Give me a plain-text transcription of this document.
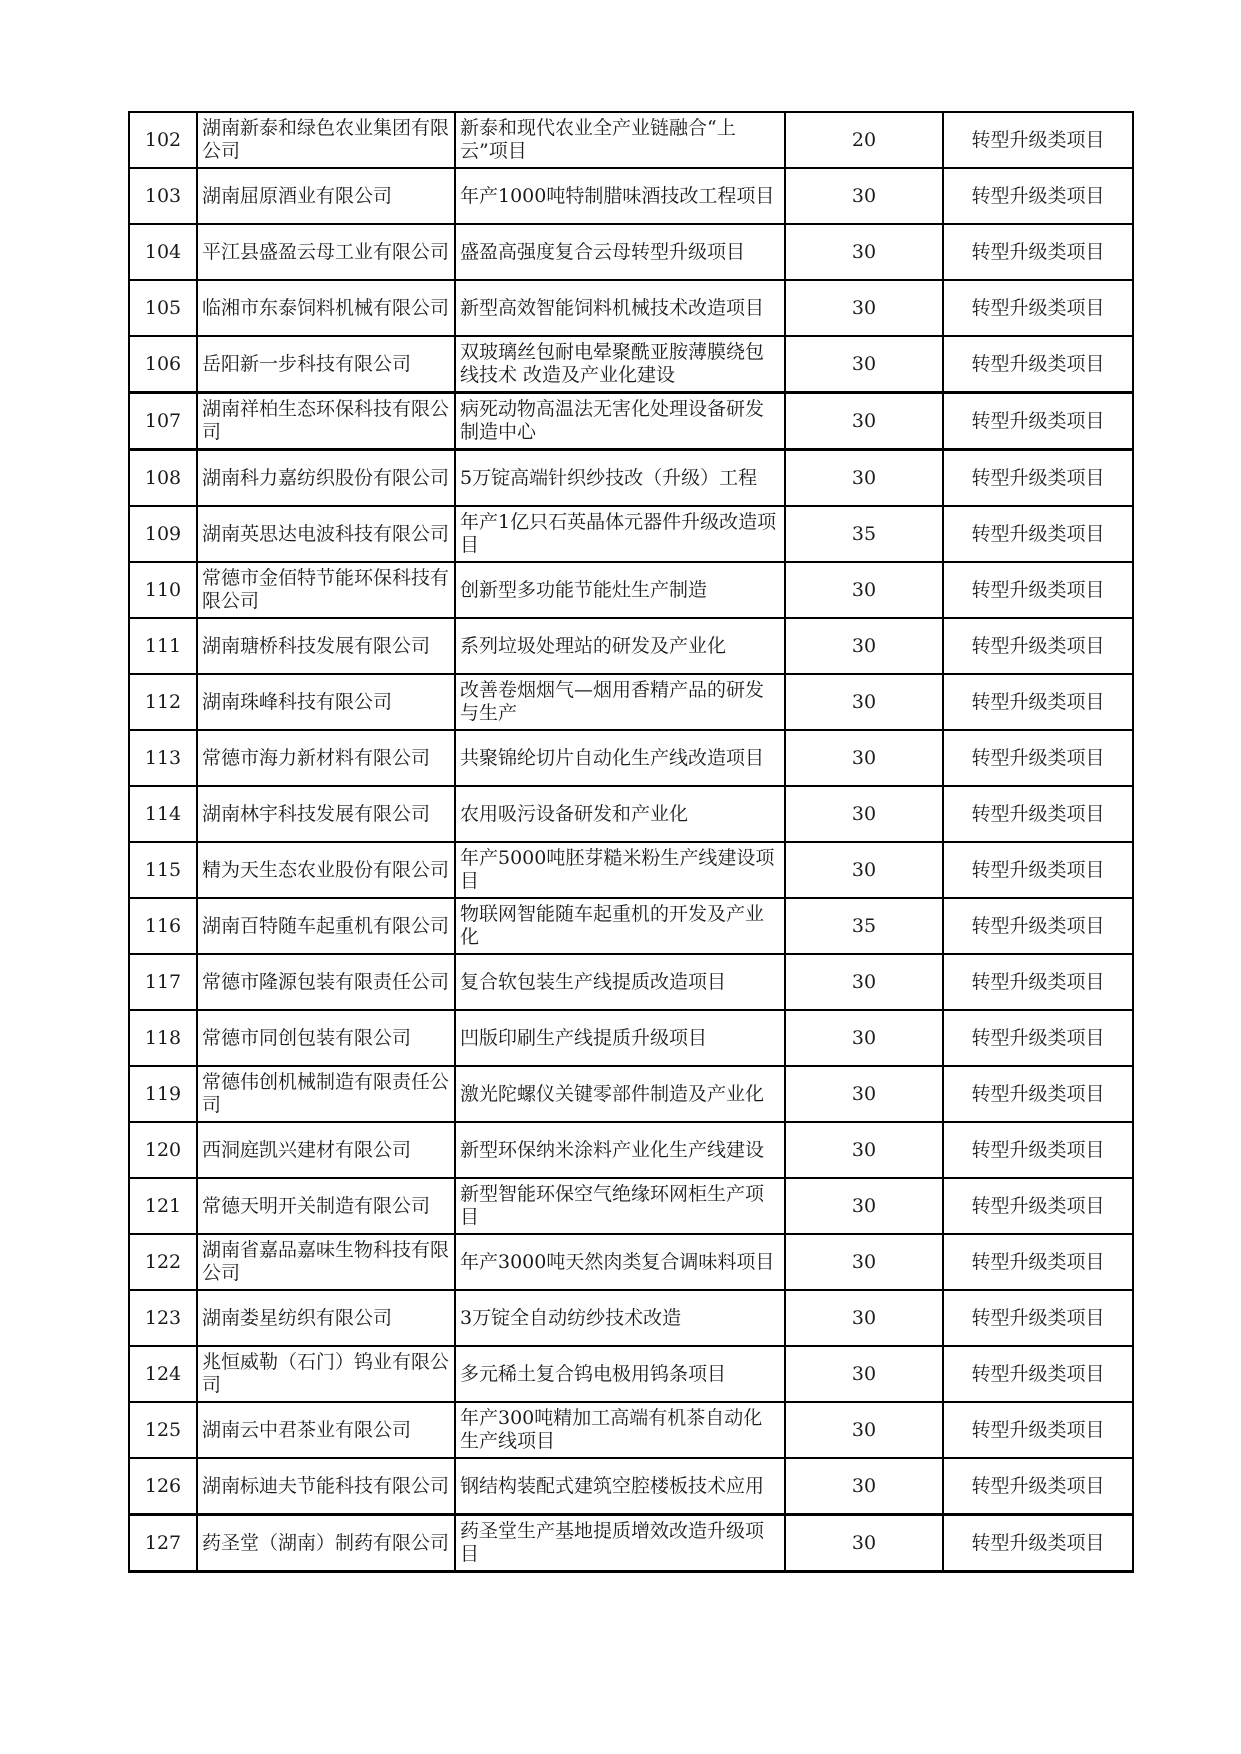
102	湖南新泰和绿色农业集团有限公司	新泰和现代农业全产业链融合“上云”项目	20	转型升级类项目
103	湖南屈原酒业有限公司	年产1000吨特制腊味酒技改工程项目	30	转型升级类项目
104	平江县盛盈云母工业有限公司	盛盈高强度复合云母转型升级项目	30	转型升级类项目
105	临湘市东泰饲料机械有限公司	新型高效智能饲料机械技术改造项目	30	转型升级类项目
106	岳阳新一步科技有限公司	双玻璃丝包耐电晕聚酰亚胺薄膜绕包线技术 改造及产业化建设	30	转型升级类项目
107	湖南祥柏生态环保科技有限公司	病死动物高温法无害化处理设备研发制造中心	30	转型升级类项目
108	湖南科力嘉纺织股份有限公司	5万锭高端针织纱技改（升级）工程	30	转型升级类项目
109	湖南英思达电波科技有限公司	年产1亿只石英晶体元器件升级改造项目	35	转型升级类项目
110	常德市金佰特节能环保科技有限公司	创新型多功能节能灶生产制造	30	转型升级类项目
111	湖南瑭桥科技发展有限公司	系列垃圾处理站的研发及产业化	30	转型升级类项目
112	湖南珠峰科技有限公司	改善卷烟烟气—烟用香精产品的研发与生产	30	转型升级类项目
113	常德市海力新材料有限公司	共聚锦纶切片自动化生产线改造项目	30	转型升级类项目
114	湖南林宇科技发展有限公司	农用吸污设备研发和产业化	30	转型升级类项目
115	精为天生态农业股份有限公司	年产5000吨胚芽糙米粉生产线建设项目	30	转型升级类项目
116	湖南百特随车起重机有限公司	物联网智能随车起重机的开发及产业化	35	转型升级类项目
117	常德市隆源包装有限责任公司	复合软包装生产线提质改造项目	30	转型升级类项目
118	常德市同创包装有限公司	凹版印刷生产线提质升级项目	30	转型升级类项目
119	常德伟创机械制造有限责任公司	激光陀螺仪关键零部件制造及产业化	30	转型升级类项目
120	西洞庭凯兴建材有限公司	新型环保纳米涂料产业化生产线建设	30	转型升级类项目
121	常德天明开关制造有限公司	新型智能环保空气绝缘环网柜生产项目	30	转型升级类项目
122	湖南省嘉品嘉味生物科技有限公司	年产3000吨天然肉类复合调味料项目	30	转型升级类项目
123	湖南娄星纺织有限公司	3万锭全自动纺纱技术改造	30	转型升级类项目
124	兆恒威勒（石门）钨业有限公司	多元稀土复合钨电极用钨条项目	30	转型升级类项目
125	湖南云中君茶业有限公司	年产300吨精加工高端有机茶自动化生产线项目	30	转型升级类项目
126	湖南标迪夫节能科技有限公司	钢结构装配式建筑空腔楼板技术应用	30	转型升级类项目
127	药圣堂（湖南）制药有限公司	药圣堂生产基地提质增效改造升级项目	30	转型升级类项目
